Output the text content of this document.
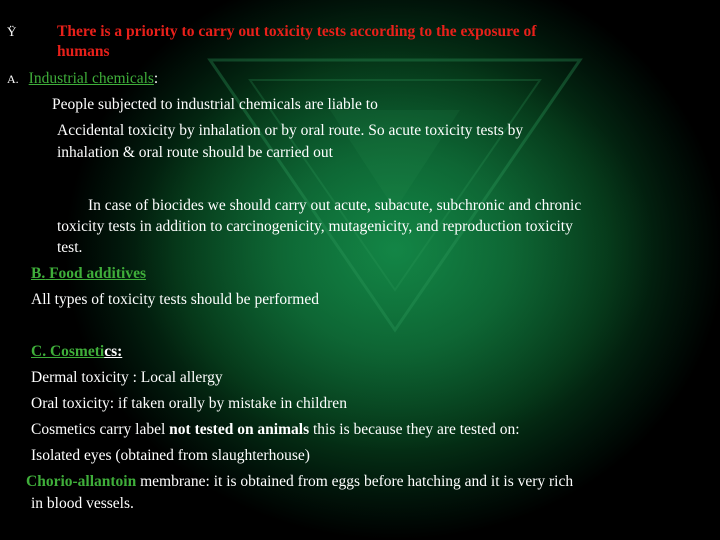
Ÿ	There is a priority to carry out toxicity tests according to the exposure of

humans

A. Industrial chemicals:

People subjected to industrial chemicals are liable to

Accidental toxicity by inhalation or by oral route. So acute toxicity tests by

inhalation & oral route should be carried out

In case of biocides we should carry out acute, subacute, subchronic and chronic

toxicity tests in addition to carcinogenicity, mutagenicity, and reproduction toxicity

test.

B. Food additives

All types of toxicity tests should be performed

C. Cosmetics:

Dermal toxicity : Local allergy

Oral toxicity: if taken orally by mistake in children

Cosmetics carry label not tested on animals this is because they are tested on:

Isolated eyes (obtained from slaughterhouse)

Chorio-allantoin membrane: it is obtained from eggs before hatching and it is very rich

in blood vessels.
